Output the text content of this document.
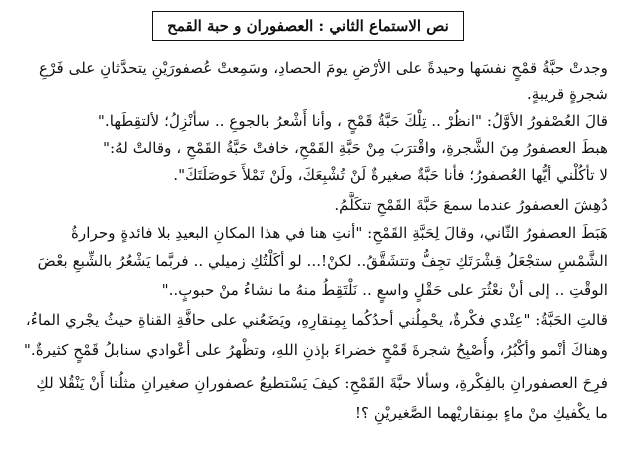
نص الاستماع الثاني : العصفوران و حبة القمح
وجدتْ حبَّةُ قمْحٍ نفسَها وحيدةً على الأرْضِ يومَ الحصادِ، وسَمِعتْ عُصفورَيْنِ يتحدَّثانِ على فَرْعِ
شجرةٍ قريبةٍ.
قالَ العُصْفورُ الأوَّلُ: "انظُرْ .. تِلْكَ حَبَّةُ قَمْحٍ ، وأنا أَشْعرُ بالجوعِ .. سأنْزِلُ؛ لألتقِطَها."
هبطَ العصفورُ مِنَ الشَّجرةِ، واقْترَبَ مِنْ حَبَّةِ القَمْحِ، خافتْ حَبَّةُ القَمْحِ ، وقالتْ لهُ:"
لا تأكُلْني أيُّها العُصفورُ؛ فأنا حَبَّةٌ صغيرةٌ لَنْ تُشْبِعَكَ، ولَنْ تَمْلأَ حَوصَلَتَكَ".
دُهِشَ العصفورُ عندما سمعَ حَبَّةَ القَمْحِ تتكَلَّمُ.
هَبَطَ العصفورُ الثّاني، وقالَ لِحَبَّةِ القَمْحِ: "أنتِ هنا في هذا المكانِ البعيدِ بلا فائدةٍ وحرارةُ
الشَّمْسِ ستجْعَلُ قِشْرَتَكِ تجِفُّ وتتشَقَّقُ.. لكنْ!... لو أكَلْتُكِ زميلي .. فربَّما يَشْعُرُ بالشِّبعِ بعْضَ
الوقْتِ .. إلى أنْ نعْثُرَ على حَقْلٍ واسعٍ .. نَلْتَقِطُ منهُ ما نشاءُ منْ حبوبٍ.."
قالتِ الحَبَّةُ: "عِنْدي فكْرةٌ، يحْمِلُني أحدُكُما بِمِنقارِهِ، ويَضَعُني على حافَّةِ القناةِ حيثُ يجْري الماءُ،
وهناكَ أنْمو وأكْبُرُ، وأُصْبِحُ شجرةَ قَمْحٍ خضراءَ بإذنِ اللهِ، وتظْهرُ على أعْوادي سنابلُ قَمْحٍ كثيرةٌ."
فرِحَ العصفورانِ بالفِكْرةِ، وسألا حبَّةَ القَمْحِ: كيفَ يَسْتطيعُ عصفورانِ صغيرانِ مثلُنا أَنْ يَنْقُلا لكِ
ما يكْفيكِ منْ ماءٍ بمِنقاريْهما الصَّغيريْنِ ؟!
